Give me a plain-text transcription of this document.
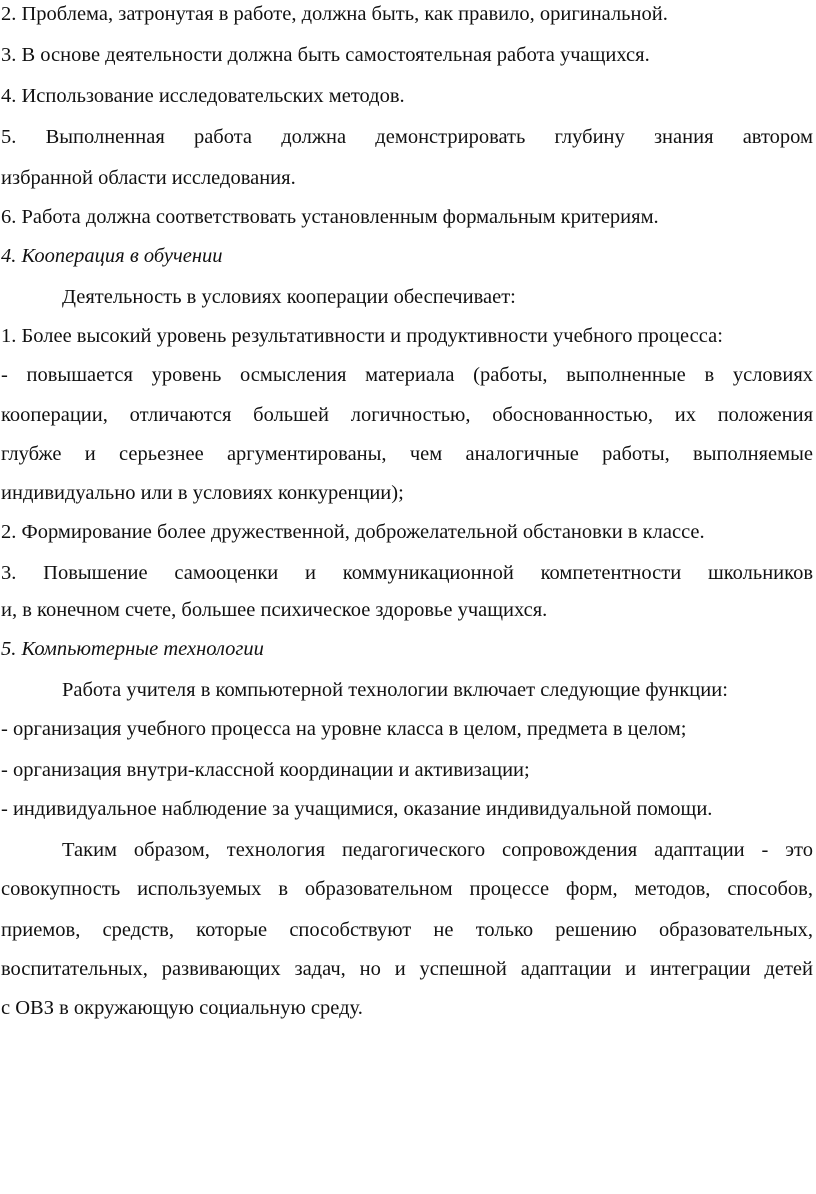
2. Проблема, затронутая в работе, должна быть, как правило, оригинальной.
3. В основе деятельности должна быть самостоятельная работа учащихся.
4. Использование исследовательских методов.
5. Выполненная работа должна демонстрировать глубину знания автором
избранной области исследования.
6. Работа должна соответствовать установленным формальным критериям.
4. Кооперация в обучении
Деятельность в условиях кооперации обеспечивает:
1. Более высокий уровень результативности и продуктивности учебного процесса:
- повышается уровень осмысления материала (работы, выполненные в условиях
кооперации, отличаются большей логичностью, обоснованностью, их положения
глубже и серьезнее аргументированы, чем аналогичные работы, выполняемые
индивидуально или в условиях конкуренции);
2. Формирование более дружественной, доброжелательной обстановки в классе.
3. Повышение самооценки и коммуникационной компетентности школьников
и, в конечном счете, большее психическое здоровье учащихся.
5. Компьютерные технологии
Работа учителя в компьютерной технологии включает следующие функции:
- организация учебного процесса на уровне класса в целом, предмета в целом;
- организация внутри-классной координации и активизации;
- индивидуальное наблюдение за учащимися, оказание индивидуальной помощи.
Таким образом, технология педагогического сопровождения адаптации - это
совокупность используемых в образовательном процессе форм, методов, способов,
приемов, средств, которые способствуют не только решению образовательных,
воспитательных, развивающих задач, но и успешной адаптации и интеграции детей
с ОВЗ в окружающую социальную среду.
